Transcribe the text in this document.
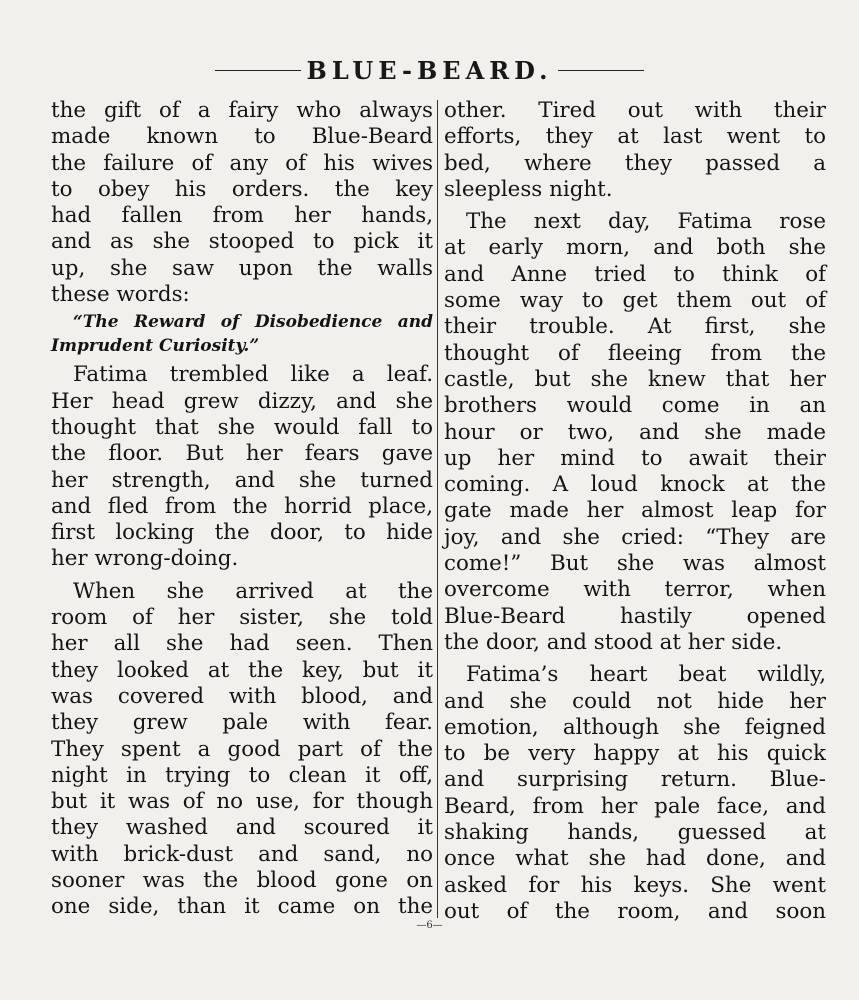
BLUE-BEARD.
the gift of a fairy who always
made known to Blue-Beard
the failure of any of his wives
to obey his orders. the key
had fallen from her hands,
and as she stooped to pick it
up, she saw upon the walls
these words:
“The Reward of Disobedience and
Imprudent Curiosity.”
Fatima trembled like a leaf.
Her head grew dizzy, and she
thought that she would fall to
the floor. But her fears gave
her strength, and she turned
and fled from the horrid place,
first locking the door, to hide
her wrong-doing.
When she arrived at the
room of her sister, she told
her all she had seen. Then
they looked at the key, but it
was covered with blood, and
they grew pale with fear.
They spent a good part of the
night in trying to clean it off,
but it was of no use, for though
they washed and scoured it
with brick-dust and sand, no
sooner was the blood gone on
one side, than it came on the
other. Tired out with their
efforts, they at last went to
bed, where they passed a
sleepless night.
The next day, Fatima rose
at early morn, and both she
and Anne tried to think of
some way to get them out of
their trouble. At first, she
thought of fleeing from the
castle, but she knew that her
brothers would come in an
hour or two, and she made
up her mind to await their
coming. A loud knock at the
gate made her almost leap for
joy, and she cried: “They are
come!” But she was almost
overcome with terror, when
Blue-Beard hastily opened
the door, and stood at her side.
Fatima’s heart beat wildly,
and she could not hide her
emotion, although she feigned
to be very happy at his quick
and surprising return. Blue-
Beard, from her pale face, and
shaking hands, guessed at
once what she had done, and
asked for his keys. She went
out of the room, and soon
—6—
